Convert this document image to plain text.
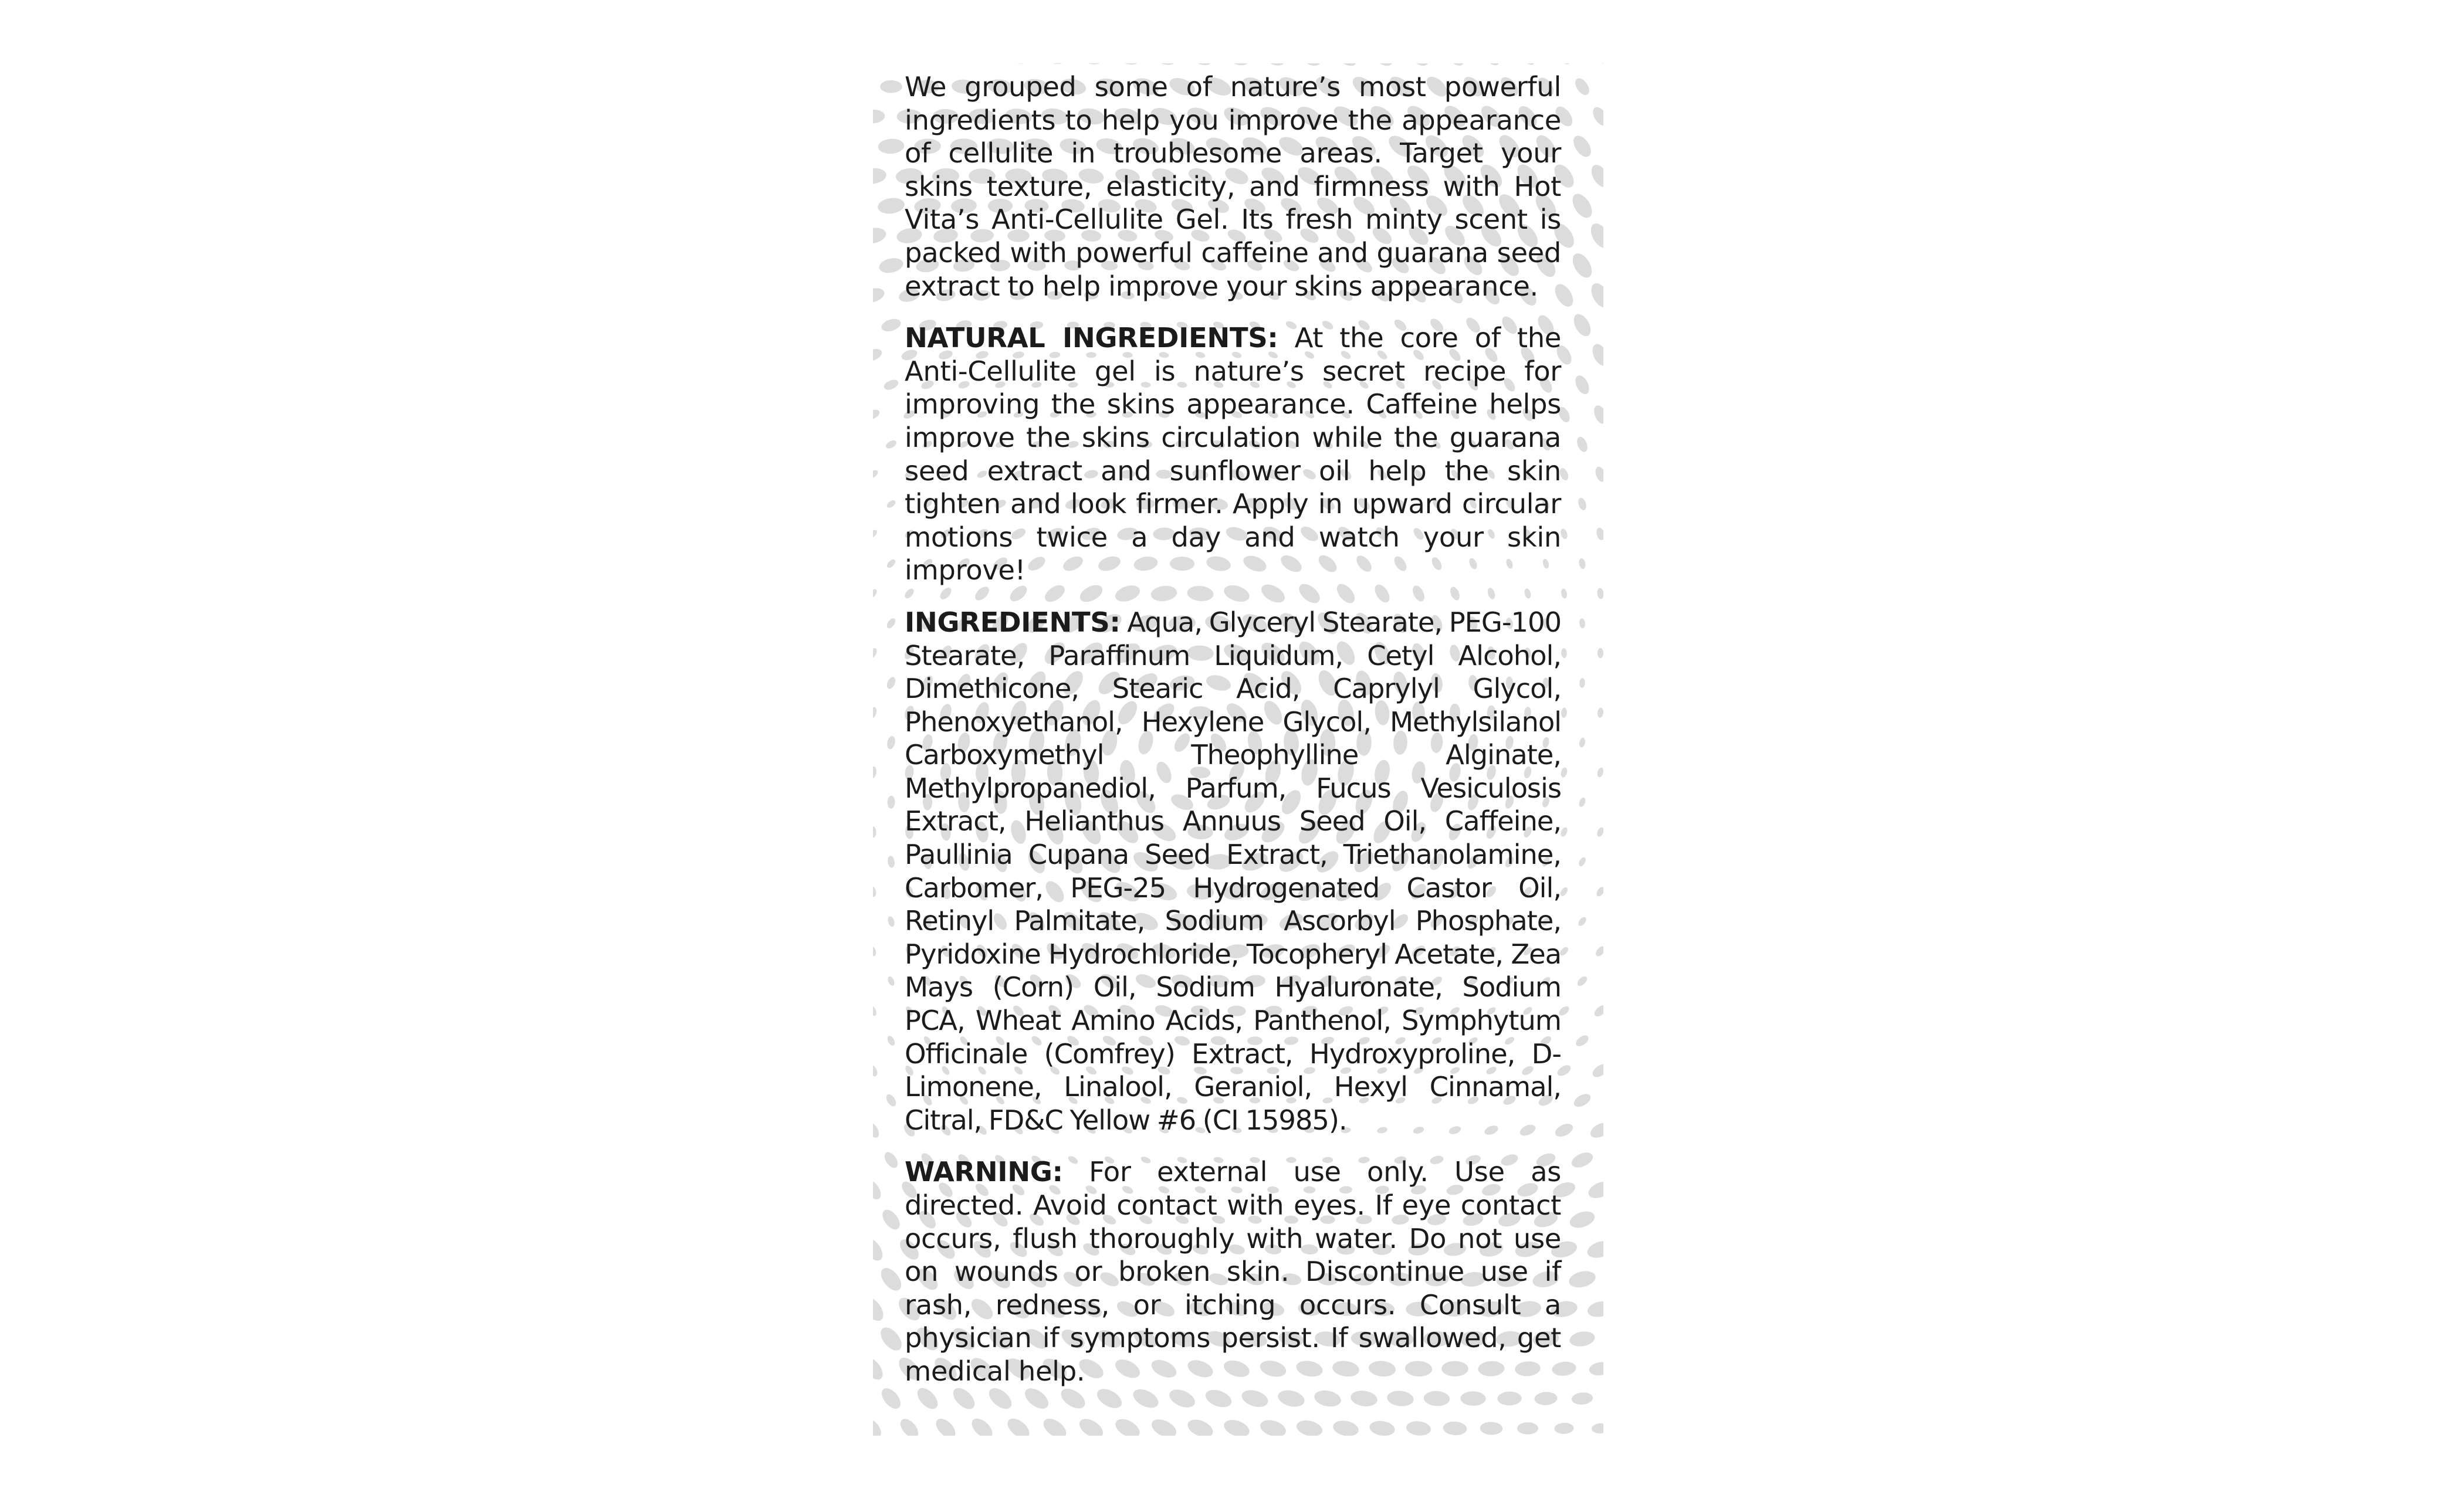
We grouped some of nature’s most powerful ingredients to help you improve the appearance of cellulite in troublesome areas. Target your skins texture, elasticity, and firmness with Hot Vita’s Anti-Cellulite Gel. Its fresh minty scent is packed with powerful caffeine and guarana seed extract to help improve your skins appearance.

NATURAL INGREDIENTS: At the core of the Anti-Cellulite gel is nature’s secret recipe for improving the skins appearance. Caffeine helps improve the skins circulation while the guarana seed extract and sunflower oil help the skin tighten and look firmer. Apply in upward circular motions twice a day and watch your skin improve!

INGREDIENTS: Aqua, Glyceryl Stearate, PEG-100 Stearate, Paraffinum Liquidum, Cetyl Alcohol, Dimethicone, Stearic Acid, Caprylyl Glycol, Phenoxyethanol, Hexylene Glycol, Methylsilanol Carboxymethyl Theophylline Alginate, Methylpropanediol, Parfum, Fucus Vesiculosis Extract, Helianthus Annuus Seed Oil, Caffeine, Paullinia Cupana Seed Extract, Triethanolamine, Carbomer, PEG-25 Hydrogenated Castor Oil, Retinyl Palmitate, Sodium Ascorbyl Phosphate, Pyridoxine Hydrochloride, Tocopheryl Acetate, Zea Mays (Corn) Oil, Sodium Hyaluronate, Sodium PCA, Wheat Amino Acids, Panthenol, Symphytum Officinale (Comfrey) Extract, Hydroxyproline, D-Limonene, Linalool, Geraniol, Hexyl Cinnamal, Citral, FD&C Yellow #6 (CI 15985).

WARNING: For external use only. Use as directed. Avoid contact with eyes. If eye contact occurs, flush thoroughly with water. Do not use on wounds or broken skin. Discontinue use if rash, redness, or itching occurs. Consult a physician if symptoms persist. If swallowed, get medical help.
